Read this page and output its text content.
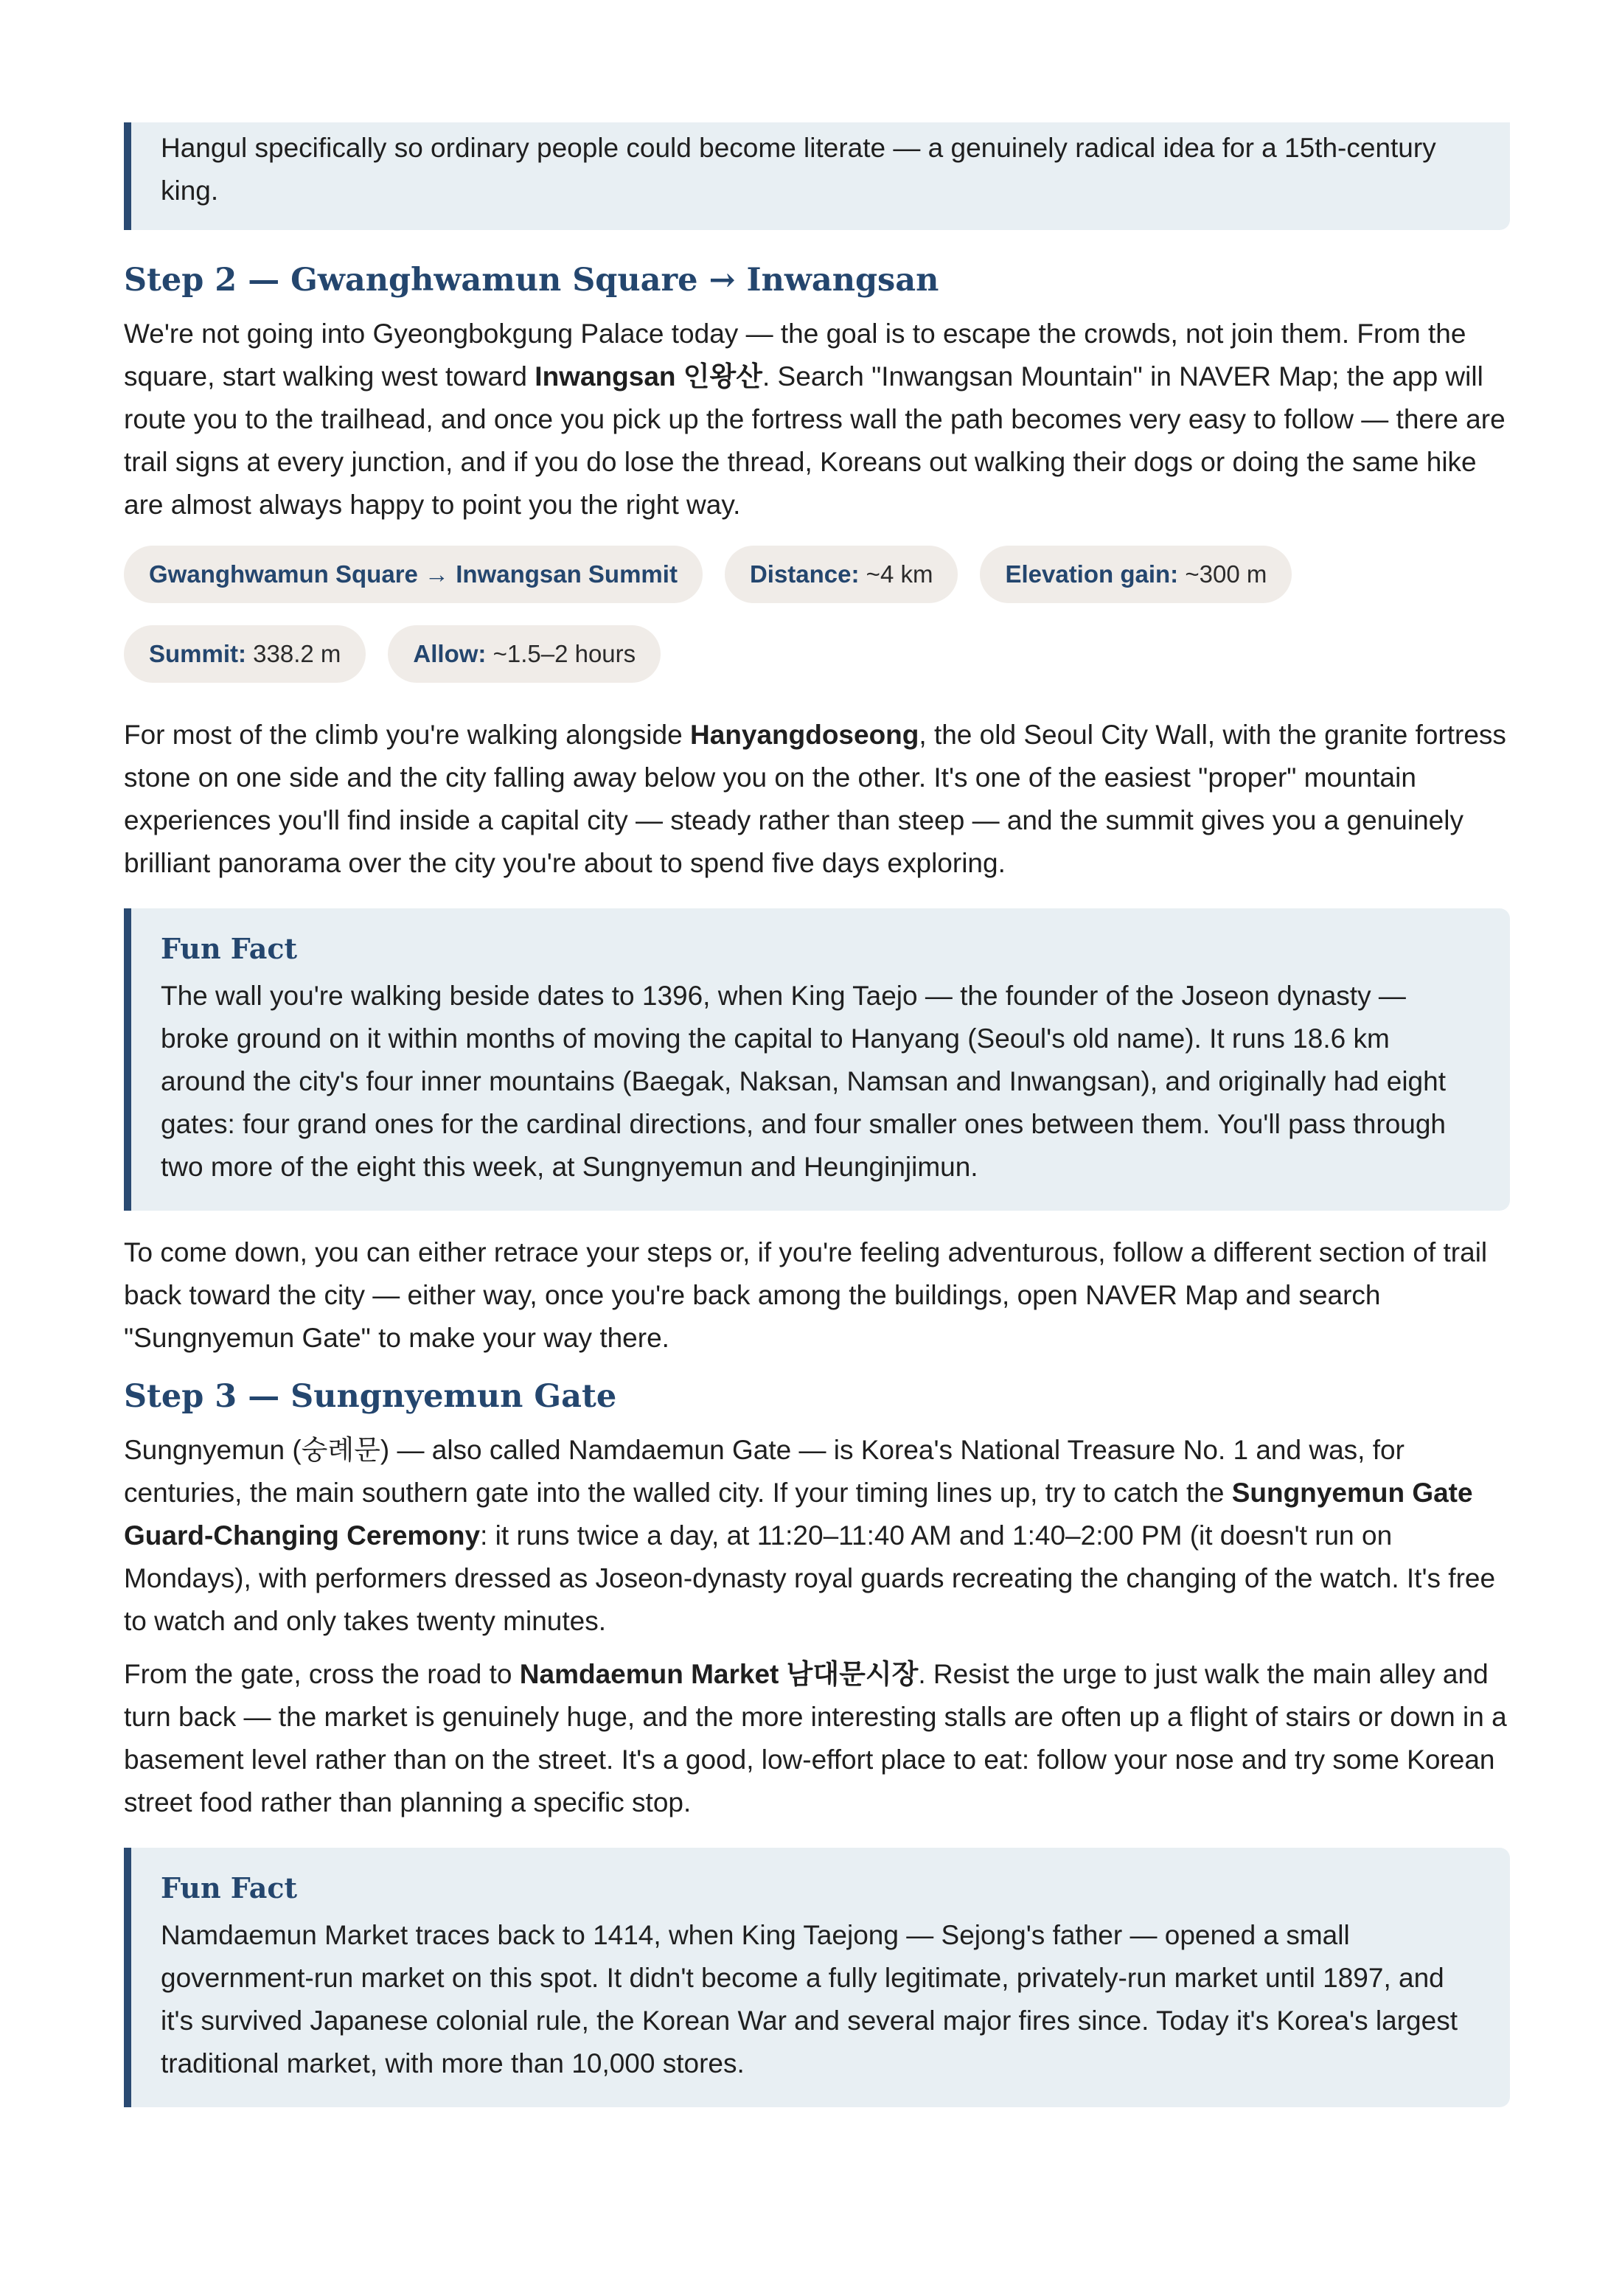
Hangul specifically so ordinary people could become literate — a genuinely radical idea for a 15th-century king.

Step 2 — Gwanghwamun Square → Inwangsan

We're not going into Gyeongbokgung Palace today — the goal is to escape the crowds, not join them. From the square, start walking west toward Inwangsan 인왕산. Search "Inwangsan Mountain" in NAVER Map; the app will route you to the trailhead, and once you pick up the fortress wall the path becomes very easy to follow — there are trail signs at every junction, and if you do lose the thread, Koreans out walking their dogs or doing the same hike are almost always happy to point you the right way.

Gwanghwamun Square → Inwangsan Summit	Distance: ~4 km	Elevation gain: ~300 m
Summit: 338.2 m	Allow: ~1.5–2 hours

For most of the climb you're walking alongside Hanyangdoseong, the old Seoul City Wall, with the granite fortress stone on one side and the city falling away below you on the other. It's one of the easiest "proper" mountain experiences you'll find inside a capital city — steady rather than steep — and the summit gives you a genuinely brilliant panorama over the city you're about to spend five days exploring.

Fun Fact

The wall you're walking beside dates to 1396, when King Taejo — the founder of the Joseon dynasty — broke ground on it within months of moving the capital to Hanyang (Seoul's old name). It runs 18.6 km around the city's four inner mountains (Baegak, Naksan, Namsan and Inwangsan), and originally had eight gates: four grand ones for the cardinal directions, and four smaller ones between them. You'll pass through two more of the eight this week, at Sungnyemun and Heunginjimun.

To come down, you can either retrace your steps or, if you're feeling adventurous, follow a different section of trail back toward the city — either way, once you're back among the buildings, open NAVER Map and search "Sungnyemun Gate" to make your way there.

Step 3 — Sungnyemun Gate

Sungnyemun (숭례문) — also called Namdaemun Gate — is Korea's National Treasure No. 1 and was, for centuries, the main southern gate into the walled city. If your timing lines up, try to catch the Sungnyemun Gate Guard-Changing Ceremony: it runs twice a day, at 11:20–11:40 AM and 1:40–2:00 PM (it doesn't run on Mondays), with performers dressed as Joseon-dynasty royal guards recreating the changing of the watch. It's free to watch and only takes twenty minutes.

From the gate, cross the road to Namdaemun Market 남대문시장. Resist the urge to just walk the main alley and turn back — the market is genuinely huge, and the more interesting stalls are often up a flight of stairs or down in a basement level rather than on the street. It's a good, low-effort place to eat: follow your nose and try some Korean street food rather than planning a specific stop.

Fun Fact

Namdaemun Market traces back to 1414, when King Taejong — Sejong's father — opened a small government-run market on this spot. It didn't become a fully legitimate, privately-run market until 1897, and it's survived Japanese colonial rule, the Korean War and several major fires since. Today it's Korea's largest traditional market, with more than 10,000 stores.
